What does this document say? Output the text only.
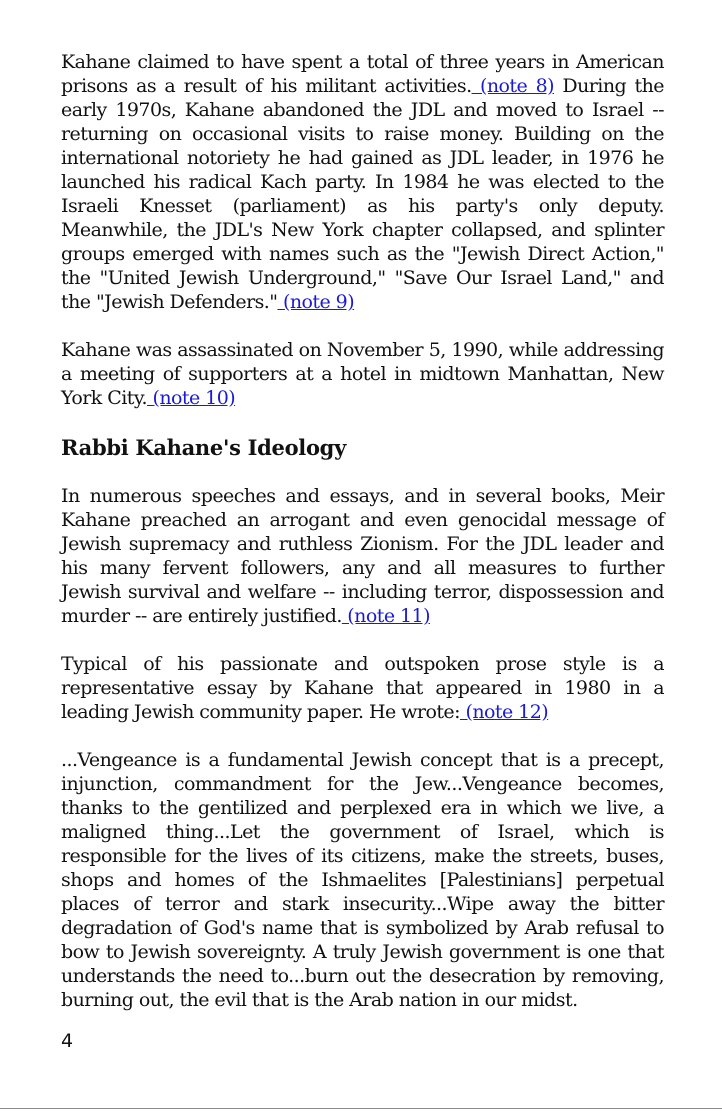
Kahane claimed to have spent a total of three years in American prisons as a result of his militant activities. (note 8) During the early 1970s, Kahane abandoned the JDL and moved to Israel -- returning on occasional visits to raise money. Building on the international notoriety he had gained as JDL leader, in 1976 he launched his radical Kach party. In 1984 he was elected to the Israeli Knesset (parliament) as his party's only deputy. Meanwhile, the JDL's New York chapter collapsed, and splinter groups emerged with names such as the "Jewish Direct Action," the "United Jewish Underground," "Save Our Israel Land," and the "Jewish Defenders." (note 9)

Kahane was assassinated on November 5, 1990, while addressing a meeting of supporters at a hotel in midtown Manhattan, New York City. (note 10)

Rabbi Kahane's Ideology

In numerous speeches and essays, and in several books, Meir Kahane preached an arrogant and even genocidal message of Jewish supremacy and ruthless Zionism. For the JDL leader and his many fervent followers, any and all measures to further Jewish survival and welfare -- including terror, dispossession and murder -- are entirely justified. (note 11)

Typical of his passionate and outspoken prose style is a representative essay by Kahane that appeared in 1980 in a leading Jewish community paper. He wrote: (note 12)

...Vengeance is a fundamental Jewish concept that is a precept, injunction, commandment for the Jew...Vengeance becomes, thanks to the gentilized and perplexed era in which we live, a maligned thing...Let the government of Israel, which is responsible for the lives of its citizens, make the streets, buses, shops and homes of the Ishmaelites [Palestinians] perpetual places of terror and stark insecurity...Wipe away the bitter degradation of God's name that is symbolized by Arab refusal to bow to Jewish sovereignty. A truly Jewish government is one that understands the need to...burn out the desecration by removing, burning out, the evil that is the Arab nation in our midst.

4
